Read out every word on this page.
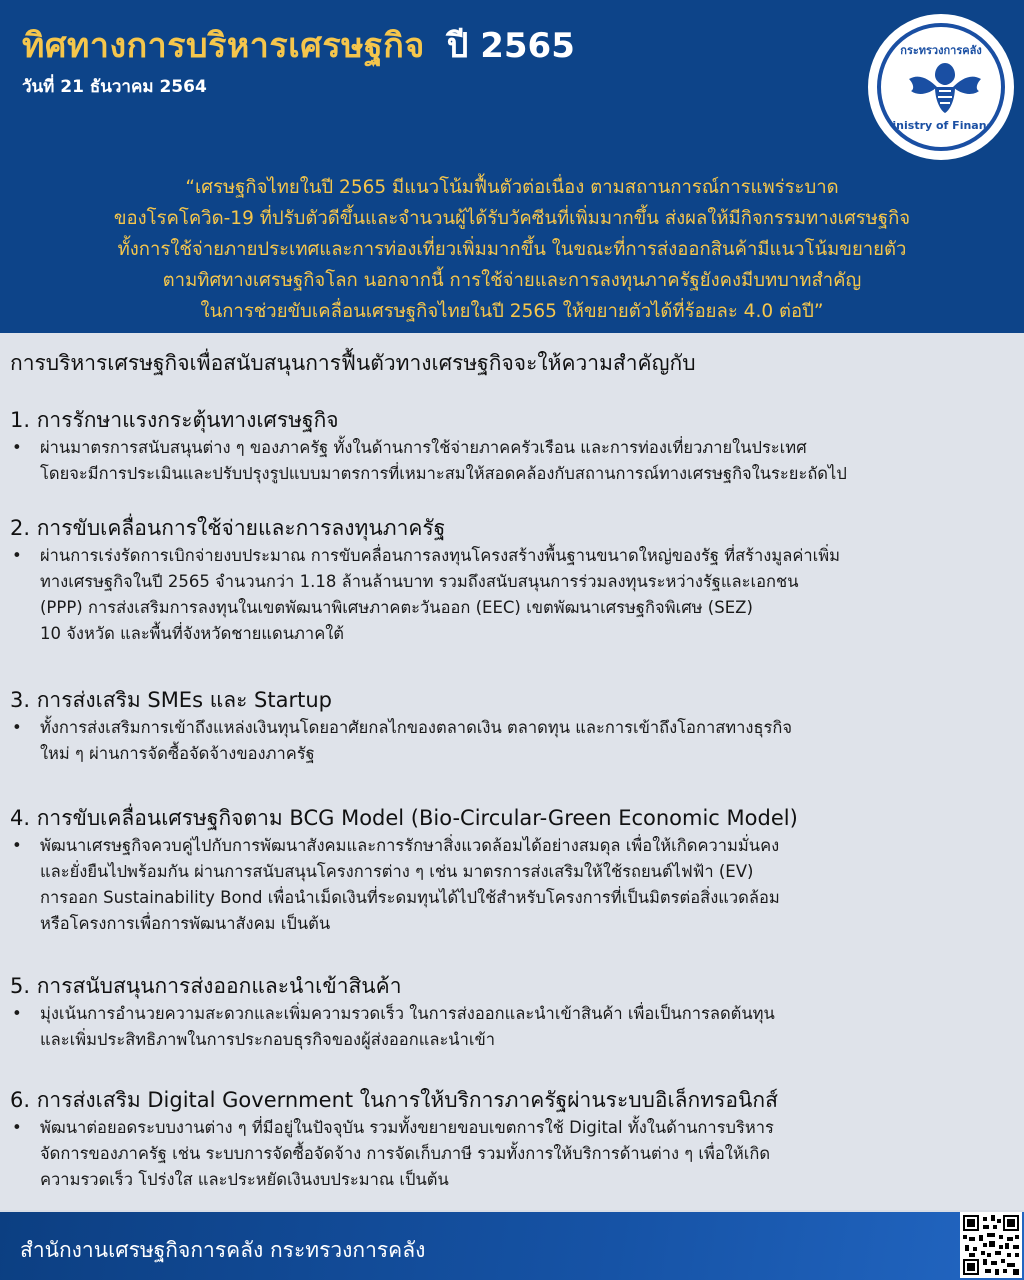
ทิศทางการบริหารเศรษฐกิจ ปี 2565
วันที่ 21 ธันวาคม 2564
กระทรวงการคลัง
Ministry of Finance
“เศรษฐกิจไทยในปี 2565 มีแนวโน้มฟื้นตัวต่อเนื่อง ตามสถานการณ์การแพร่ระบาด
ของโรคโควิด-19 ที่ปรับตัวดีขึ้นและจำนวนผู้ได้รับวัคซีนที่เพิ่มมากขึ้น ส่งผลให้มีกิจกรรมทางเศรษฐกิจ
ทั้งการใช้จ่ายภายประเทศและการท่องเที่ยวเพิ่มมากขึ้น ในขณะที่การส่งออกสินค้ามีแนวโน้มขยายตัว
ตามทิศทางเศรษฐกิจโลก นอกจากนี้ การใช้จ่ายและการลงทุนภาครัฐยังคงมีบทบาทสำคัญ
ในการช่วยขับเคลื่อนเศรษฐกิจไทยในปี 2565 ให้ขยายตัวได้ที่ร้อยละ 4.0 ต่อปี”
การบริหารเศรษฐกิจเพื่อสนับสนุนการฟื้นตัวทางเศรษฐกิจจะให้ความสำคัญกับ
1. การรักษาแรงกระตุ้นทางเศรษฐกิจ
•	ผ่านมาตรการสนับสนุนต่าง ๆ ของภาครัฐ ทั้งในด้านการใช้จ่ายภาคครัวเรือน และการท่องเที่ยวภายในประเทศ
โดยจะมีการประเมินและปรับปรุงรูปแบบมาตรการที่เหมาะสมให้สอดคล้องกับสถานการณ์ทางเศรษฐกิจในระยะถัดไป
2. การขับเคลื่อนการใช้จ่ายและการลงทุนภาครัฐ
•	ผ่านการเร่งรัดการเบิกจ่ายงบประมาณ การขับคลื่อนการลงทุนโครงสร้างพื้นฐานขนาดใหญ่ของรัฐ ที่สร้างมูลค่าเพิ่ม
ทางเศรษฐกิจในปี 2565 จำนวนกว่า 1.18 ล้านล้านบาท รวมถึงสนับสนุนการร่วมลงทุนระหว่างรัฐและเอกชน
(PPP) การส่งเสริมการลงทุนในเขตพัฒนาพิเศษภาคตะวันออก (EEC) เขตพัฒนาเศรษฐกิจพิเศษ (SEZ)
10 จังหวัด และพื้นที่จังหวัดชายแดนภาคใต้
3. การส่งเสริม SMEs และ Startup
•	ทั้งการส่งเสริมการเข้าถึงแหล่งเงินทุนโดยอาศัยกลไกของตลาดเงิน ตลาดทุน และการเข้าถึงโอกาสทางธุรกิจ
ใหม่ ๆ ผ่านการจัดซื้อจัดจ้างของภาครัฐ
4. การขับเคลื่อนเศรษฐกิจตาม BCG Model (Bio-Circular-Green Economic Model)
•	พัฒนาเศรษฐกิจควบคู่ไปกับการพัฒนาสังคมและการรักษาสิ่งแวดล้อมได้อย่างสมดุล เพื่อให้เกิดความมั่นคง
และยั่งยืนไปพร้อมกัน ผ่านการสนับสนุนโครงการต่าง ๆ เช่น มาตรการส่งเสริมให้ใช้รถยนต์ไฟฟ้า (EV)
การออก Sustainability Bond เพื่อนำเม็ดเงินที่ระดมทุนได้ไปใช้สำหรับโครงการที่เป็นมิตรต่อสิ่งแวดล้อม
หรือโครงการเพื่อการพัฒนาสังคม เป็นต้น
5. การสนับสนุนการส่งออกและนำเข้าสินค้า
•	มุ่งเน้นการอำนวยความสะดวกและเพิ่มความรวดเร็ว ในการส่งออกและนำเข้าสินค้า เพื่อเป็นการลดต้นทุน
และเพิ่มประสิทธิภาพในการประกอบธุรกิจของผู้ส่งออกและนำเข้า
6. การส่งเสริม Digital Government ในการให้บริการภาครัฐผ่านระบบอิเล็กทรอนิกส์
•	พัฒนาต่อยอดระบบงานต่าง ๆ ที่มีอยู่ในปัจจุบัน รวมทั้งขยายขอบเขตการใช้ Digital ทั้งในด้านการบริหาร
จัดการของภาครัฐ เช่น ระบบการจัดซื้อจัดจ้าง การจัดเก็บภาษี รวมทั้งการให้บริการด้านต่าง ๆ เพื่อให้เกิด
ความรวดเร็ว โปร่งใส และประหยัดเงินงบประมาณ เป็นต้น
สำนักงานเศรษฐกิจการคลัง กระทรวงการคลัง
